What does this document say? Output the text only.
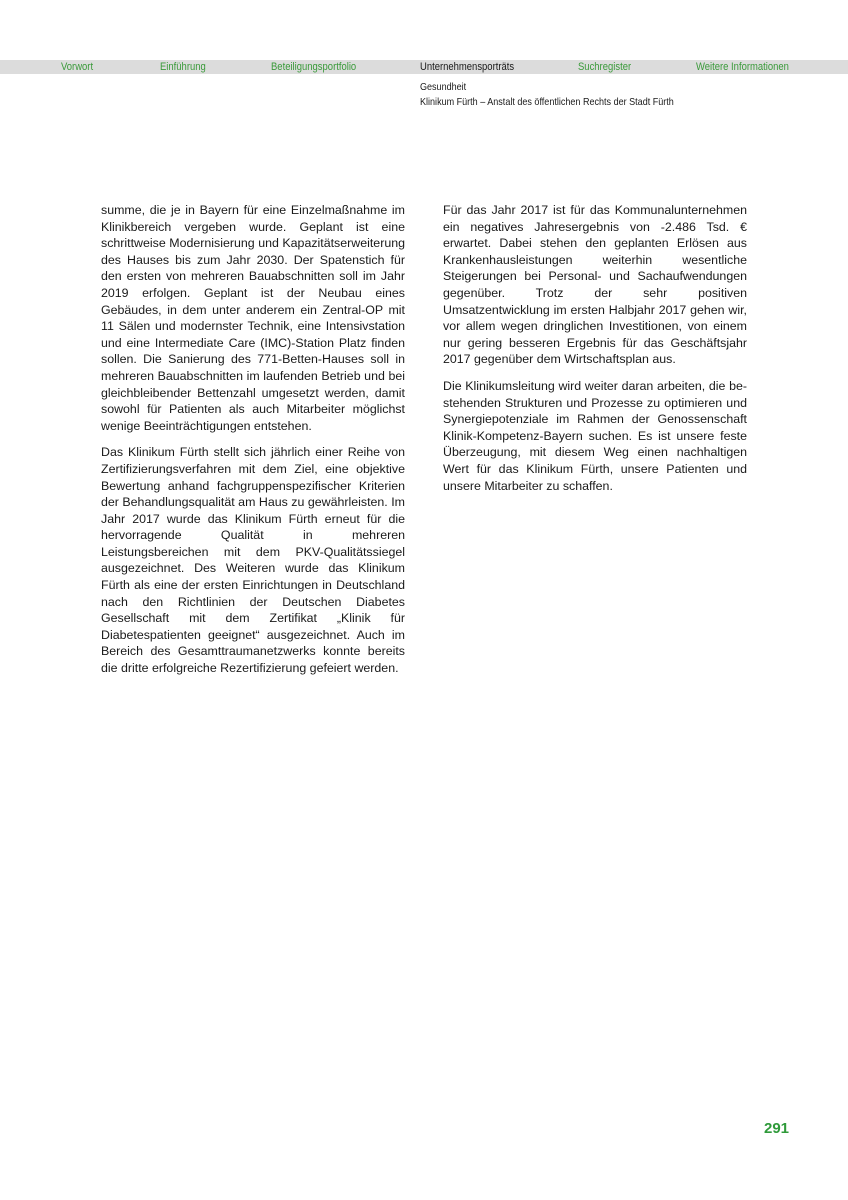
Vorwort	Einführung	Beteiligungsportfolio	Unternehmensporträts	Suchregister	Weitere Informationen
Gesundheit
Klinikum Fürth – Anstalt des öffentlichen Rechts der Stadt Fürth

summe, die je in Bayern für eine Einzelmaßnahme im Klinikbereich vergeben wurde. Geplant ist eine schrittweise Modernisierung und Kapazitätserweiterung des Hauses bis zum Jahr 2030. Der Spatenstich für den ersten von mehreren Bauabschnitten soll im Jahr 2019 erfolgen. Geplant ist der Neubau eines Gebäudes, in dem unter anderem ein Zentral-OP mit 11 Sälen und modernster Technik, eine Intensivstation und eine Intermediate Care (IMC)-Station Platz finden sollen. Die Sanierung des 771-Betten-Hauses soll in mehreren Bauabschnitten im laufenden Betrieb und bei gleichbleibender Bettenzahl umgesetzt werden, damit sowohl für Patienten als auch Mitarbeiter möglichst wenige Beeinträchtigungen entstehen.

Das Klinikum Fürth stellt sich jährlich einer Reihe von Zertifizierungsverfahren mit dem Ziel, eine objektive Bewertung anhand fachgruppenspezifischer Kriterien der Behandlungsqualität am Haus zu gewährleisten. Im Jahr 2017 wurde das Klinikum Fürth erneut für die hervorragende Qualität in mehreren Leistungsbereichen mit dem PKV-Qualitätssiegel ausgezeichnet. Des Weiteren wurde das Klinikum Fürth als eine der ersten Einrichtungen in Deutschland nach den Richtlinien der Deutschen Diabetes Gesellschaft mit dem Zertifikat „Klinik für Diabetespatienten geeignet“ ausgezeichnet. Auch im Bereich des Gesamttraumanetzwerks konnte bereits die dritte erfolgreiche Rezertifizierung gefeiert werden.

Für das Jahr 2017 ist für das Kommunalunternehmen ein negatives Jahresergebnis von -2.486 Tsd. € erwartet. Dabei stehen den geplanten Erlösen aus Krankenhausleistungen weiterhin wesentliche Steigerungen bei Personal- und Sachaufwendungen gegenüber. Trotz der sehr positiven Umsatzentwicklung im ersten Halbjahr 2017 gehen wir, vor allem wegen dringlichen Investitionen, von einem nur gering besseren Ergebnis für das Geschäftsjahr 2017 gegenüber dem Wirtschaftsplan aus.

Die Klinikumsleitung wird weiter daran arbeiten, die bestehenden Strukturen und Prozesse zu optimieren und Synergiepotenziale im Rahmen der Genossenschaft Klinik-Kompetenz-Bayern suchen. Es ist unsere feste Überzeugung, mit diesem Weg einen nachhaltigen Wert für das Klinikum Fürth, unsere Patienten und unsere Mitarbeiter zu schaffen.

291
